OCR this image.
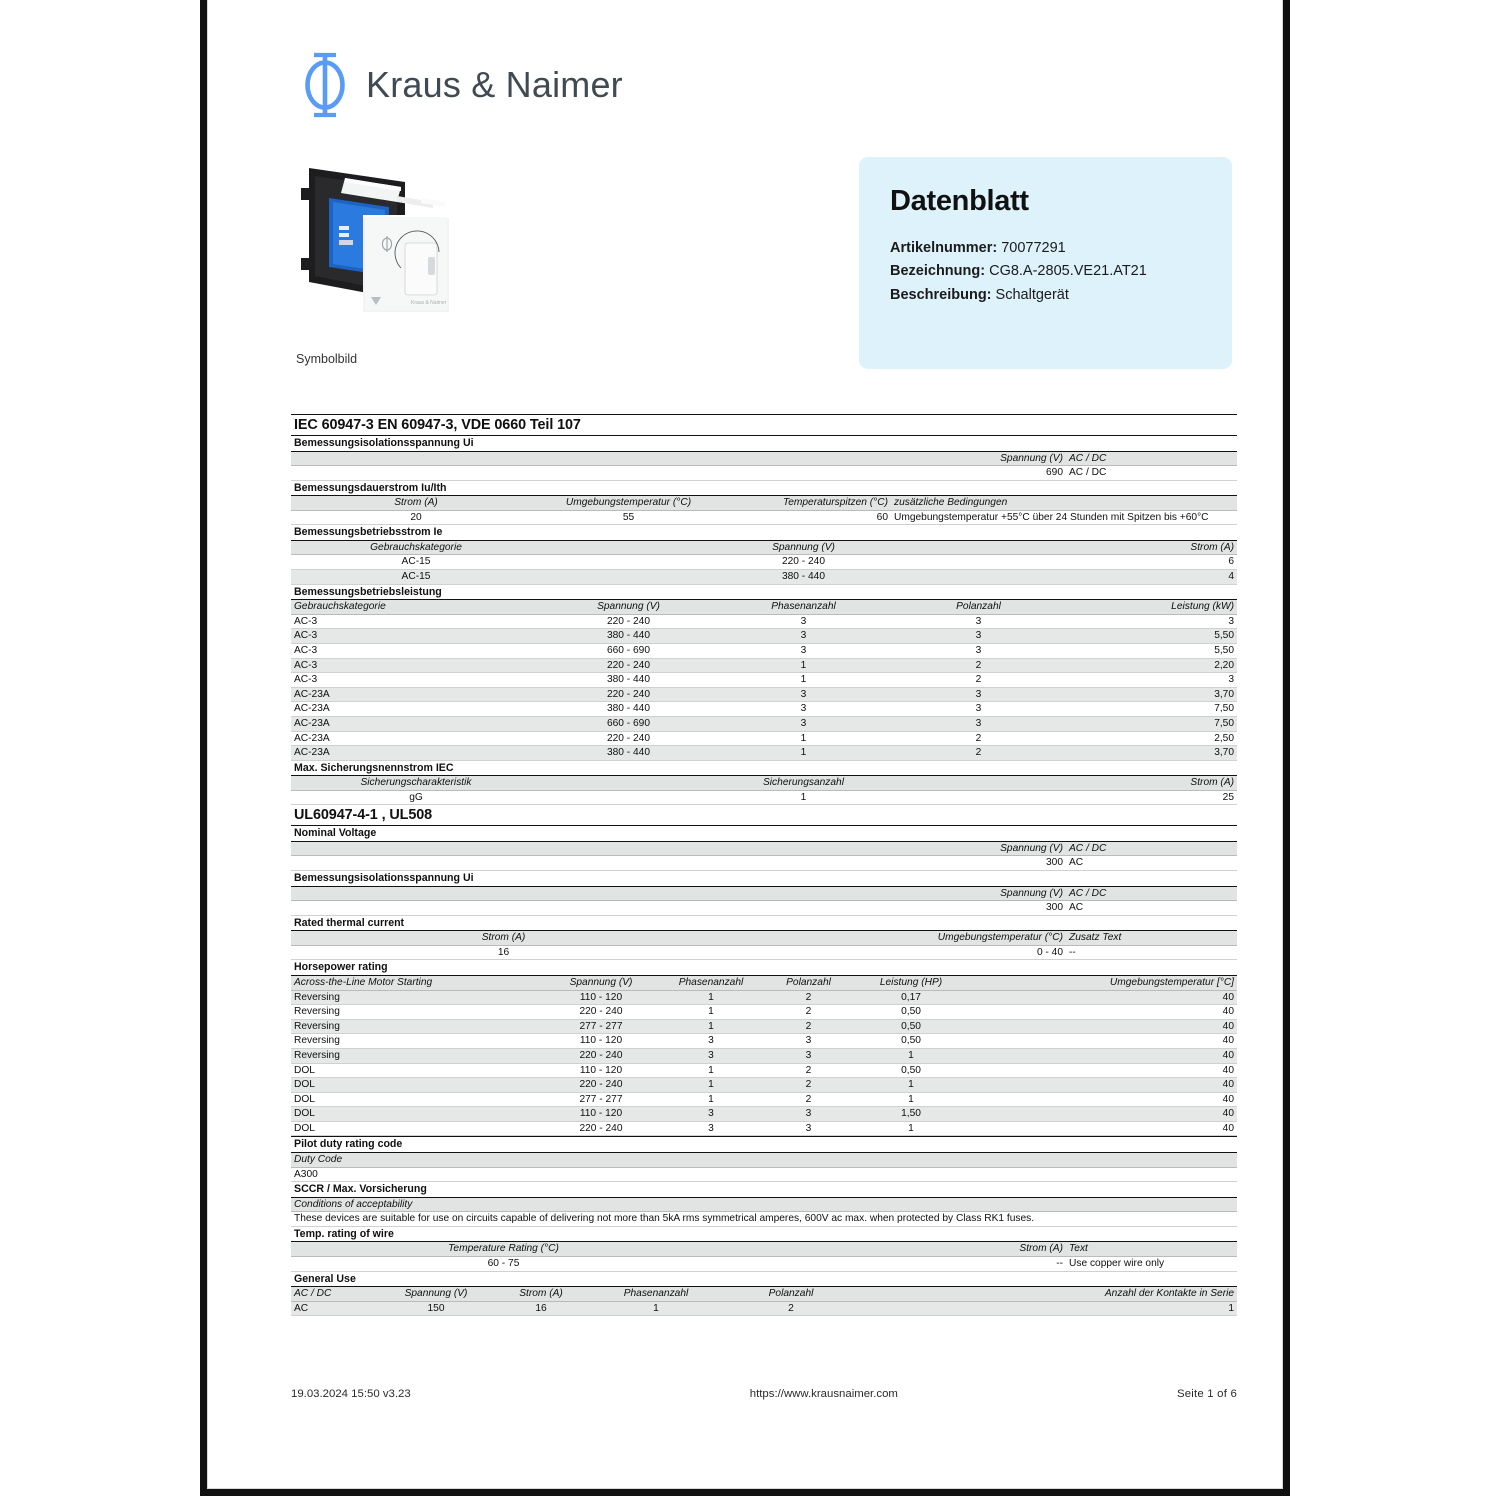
Kraus & Naimer
Kraus & Naimer
Symbolbild
Datenblatt
Artikelnummer: 70077291
Bezeichnung: CG8.A-2805.VE21.AT21
Beschreibung: Schaltgerät
IEC 60947-3 EN 60947-3, VDE 0660 Teil 107
Bemessungsisolationsspannung Ui
Spannung (V)	AC / DC
690	AC / DC
Bemessungsdauerstrom Iu/Ith
Strom (A)	Umgebungstemperatur (°C)	Temperaturspitzen (°C)	zusätzliche Bedingungen
20	55	60	Umgebungstemperatur +55°C über 24 Stunden mit Spitzen bis +60°C
Bemessungsbetriebsstrom Ie
Gebrauchskategorie	Spannung (V)	Strom (A)
AC-15	220 - 240	6
AC-15	380 - 440	4
Bemessungsbetriebsleistung
Gebrauchskategorie	Spannung (V)	Phasenanzahl	Polanzahl	Leistung (kW)
AC-3	220 - 240	3	3	3
AC-3	380 - 440	3	3	5,50
AC-3	660 - 690	3	3	5,50
AC-3	220 - 240	1	2	2,20
AC-3	380 - 440	1	2	3
AC-23A	220 - 240	3	3	3,70
AC-23A	380 - 440	3	3	7,50
AC-23A	660 - 690	3	3	7,50
AC-23A	220 - 240	1	2	2,50
AC-23A	380 - 440	1	2	3,70
Max. Sicherungsnennstrom IEC
Sicherungscharakteristik	Sicherungsanzahl	Strom (A)
gG	1	25
UL60947-4-1 , UL508
Nominal Voltage
Spannung (V)	AC / DC
300	AC
Bemessungsisolationsspannung Ui
Spannung (V)	AC / DC
300	AC
Rated thermal current
Strom (A)	Umgebungstemperatur (°C)	Zusatz Text
16	0 - 40	--
Horsepower rating

Across-the-Line Motor Starting	Spannung (V)	Phasenanzahl	Polanzahl	Leistung (HP)	Umgebungstemperatur [°C]
Reversing	110 - 120	1	2	0,17	40
Reversing	220 - 240	1	2	0,50	40
Reversing	277 - 277	1	2	0,50	40
Reversing	110 - 120	3	3	0,50	40
Reversing	220 - 240	3	3	1	40
DOL	110 - 120	1	2	0,50	40
DOL	220 - 240	1	2	1	40
DOL	277 - 277	1	2	1	40
DOL	110 - 120	3	3	1,50	40
DOL	220 - 240	3	3	1	40

Pilot duty rating code
Duty Code
A300
SCCR / Max. Vorsicherung
Conditions of acceptability
These devices are suitable for use on circuits capable of delivering not more than 5kA rms symmetrical amperes, 600V ac max. when protected by Class RK1 fuses.
Temp. rating of wire
Temperature Rating (°C)	Strom (A)	Text
60 - 75	--	Use copper wire only
General Use

AC / DC	Spannung (V)	Strom (A)	Phasenanzahl	Polanzahl	Anzahl der Kontakte in Serie
AC	150	16	1	2	1
19.03.2024 15:50 v3.23	https://www.krausnaimer.com	Seite 1 of 6
